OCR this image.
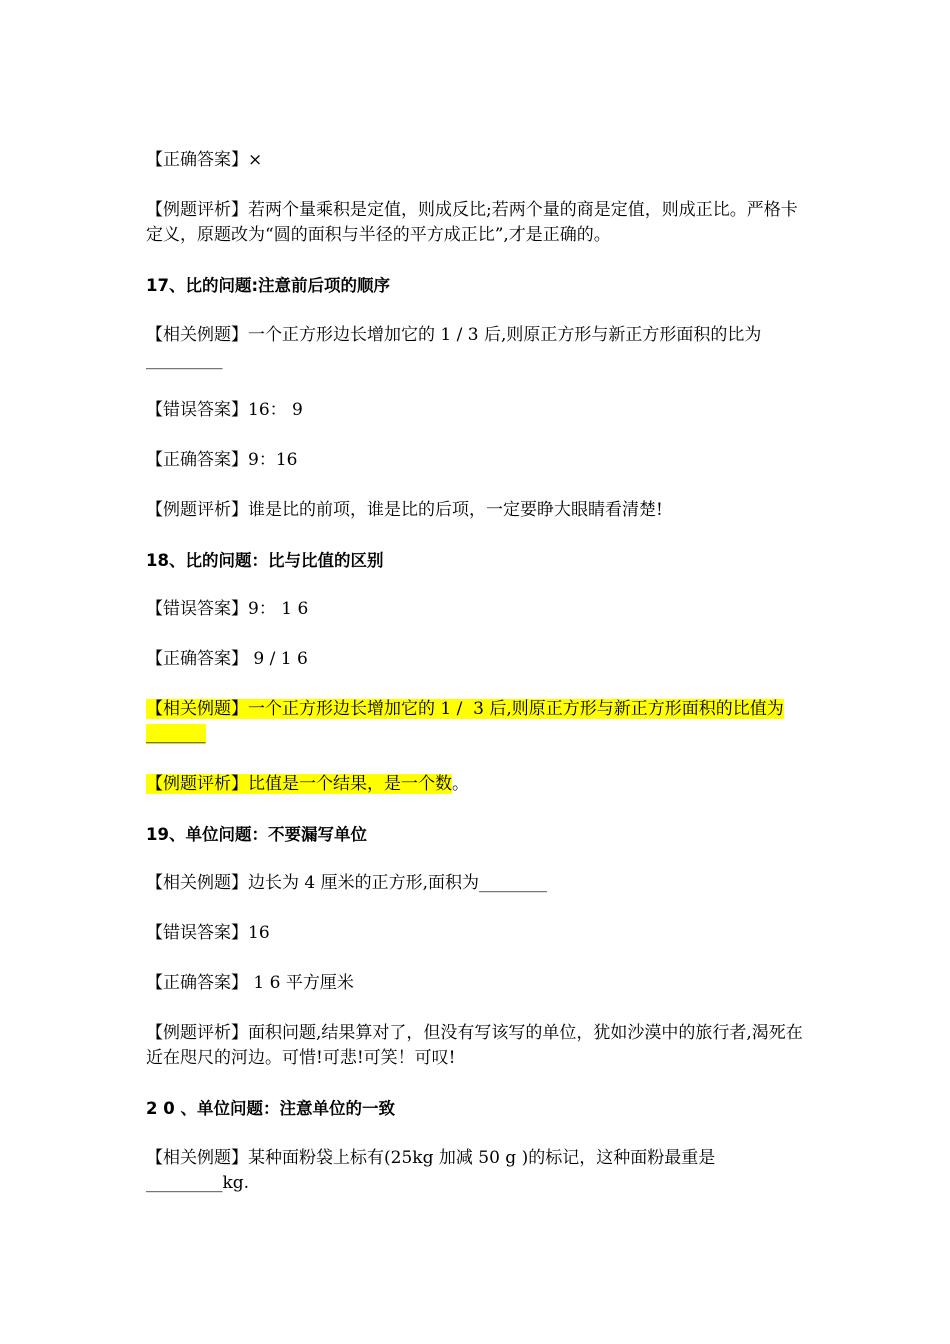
【正确答案】×

【例题评析】若两个量乘积是定值，则成反比;若两个量的商是定值，则成正比。严格卡定义，原题改为“圆的面积与半径的平方成正比”,才是正确的。

17、比的问题:注意前后项的顺序

【相关例题】一个正方形边长增加它的 1 / 3 后,则原正方形与新正方形面积的比为_________

【错误答案】16： 9

【正确答案】9：16

【例题评析】谁是比的前项，谁是比的后项，一定要睁大眼睛看清楚!

18、比的问题：比与比值的区别

【错误答案】9： 1 6

【正确答案】 9 / 1 6

【相关例题】一个正方形边长增加它的 1 /  3 后,则原正方形与新正方形面积的比值为_______

【例题评析】比值是一个结果，是一个数。

19、单位问题：不要漏写单位

【相关例题】边长为 4 厘米的正方形,面积为________

【错误答案】16

【正确答案】 1 6 平方厘米

【例题评析】面积问题,结果算对了，但没有写该写的单位，犹如沙漠中的旅行者,渴死在近在咫尺的河边。可惜!可悲!可笑！可叹!

2 0 、单位问题：注意单位的一致

【相关例题】某种面粉袋上标有(25kg 加减 50 g )的标记，这种面粉最重是_________kg.
